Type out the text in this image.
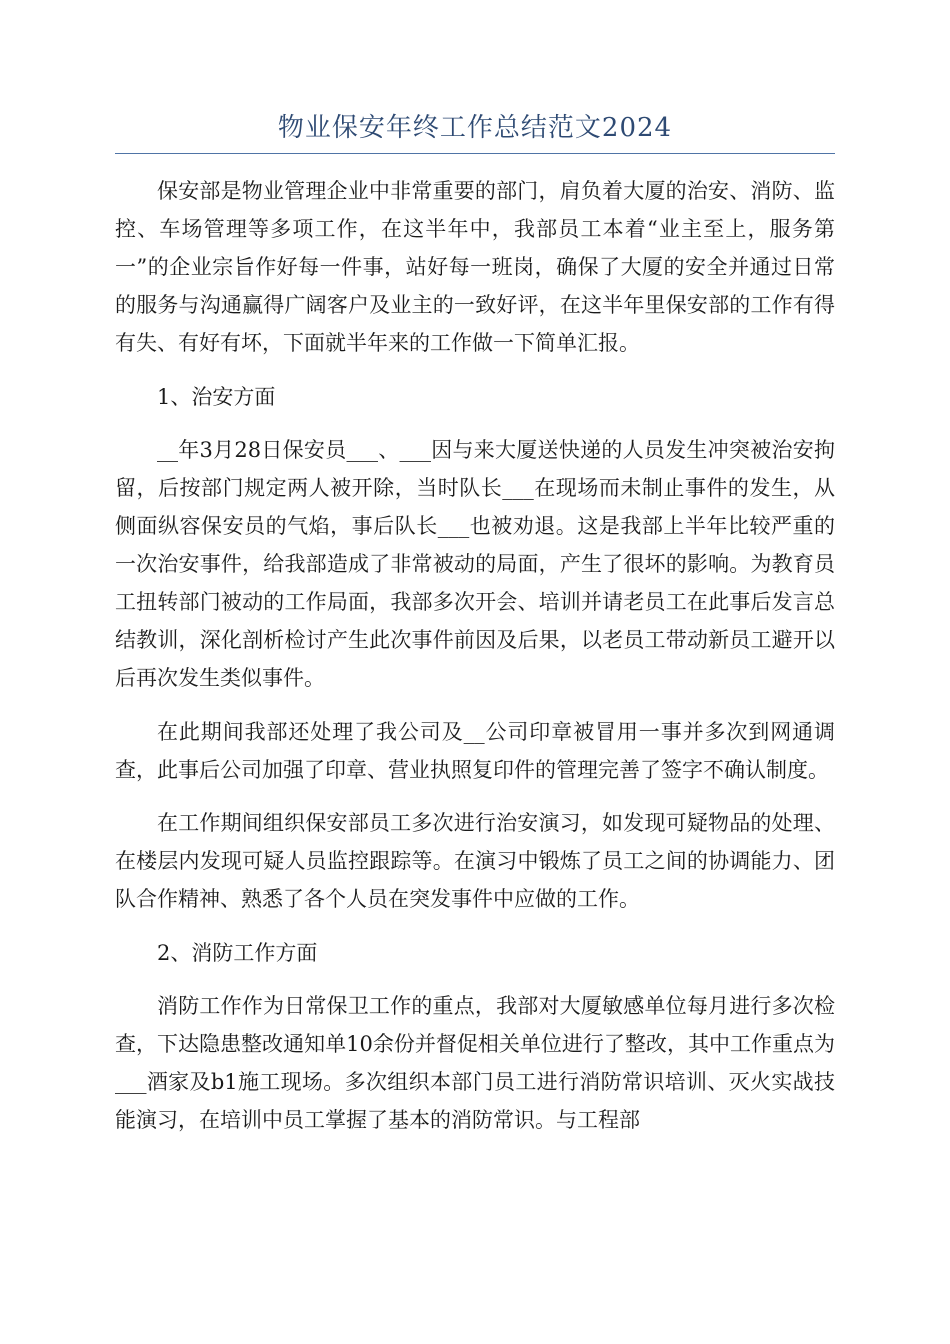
物业保安年终工作总结范文2024

保安部是物业管理企业中非常重要的部门，肩负着大厦的治安、消防、监控、车场管理等多项工作，在这半年中，我部员工本着“业主至上，服务第一”的企业宗旨作好每一件事，站好每一班岗，确保了大厦的安全并通过日常的服务与沟通赢得广阔客户及业主的一致好评，在这半年里保安部的工作有得有失、有好有坏，下面就半年来的工作做一下简单汇报。

1、治安方面

__年3月28日保安员___、___因与来大厦送快递的人员发生冲突被治安拘留，后按部门规定两人被开除，当时队长___在现场而未制止事件的发生，从侧面纵容保安员的气焰，事后队长___也被劝退。这是我部上半年比较严重的一次治安事件，给我部造成了非常被动的局面，产生了很坏的影响。为教育员工扭转部门被动的工作局面，我部多次开会、培训并请老员工在此事后发言总结教训，深化剖析检讨产生此次事件前因及后果，以老员工带动新员工避开以后再次发生类似事件。

在此期间我部还处理了我公司及__公司印章被冒用一事并多次到网通调查，此事后公司加强了印章、营业执照复印件的管理完善了签字不确认制度。

在工作期间组织保安部员工多次进行治安演习，如发现可疑物品的处理、在楼层内发现可疑人员监控跟踪等。在演习中锻炼了员工之间的协调能力、团队合作精神、熟悉了各个人员在突发事件中应做的工作。

2、消防工作方面

消防工作作为日常保卫工作的重点，我部对大厦敏感单位每月进行多次检查，下达隐患整改通知单10余份并督促相关单位进行了整改，其中工作重点为___酒家及b1施工现场。多次组织本部门员工进行消防常识培训、灭火实战技能演习，在培训中员工掌握了基本的消防常识。与工程部
